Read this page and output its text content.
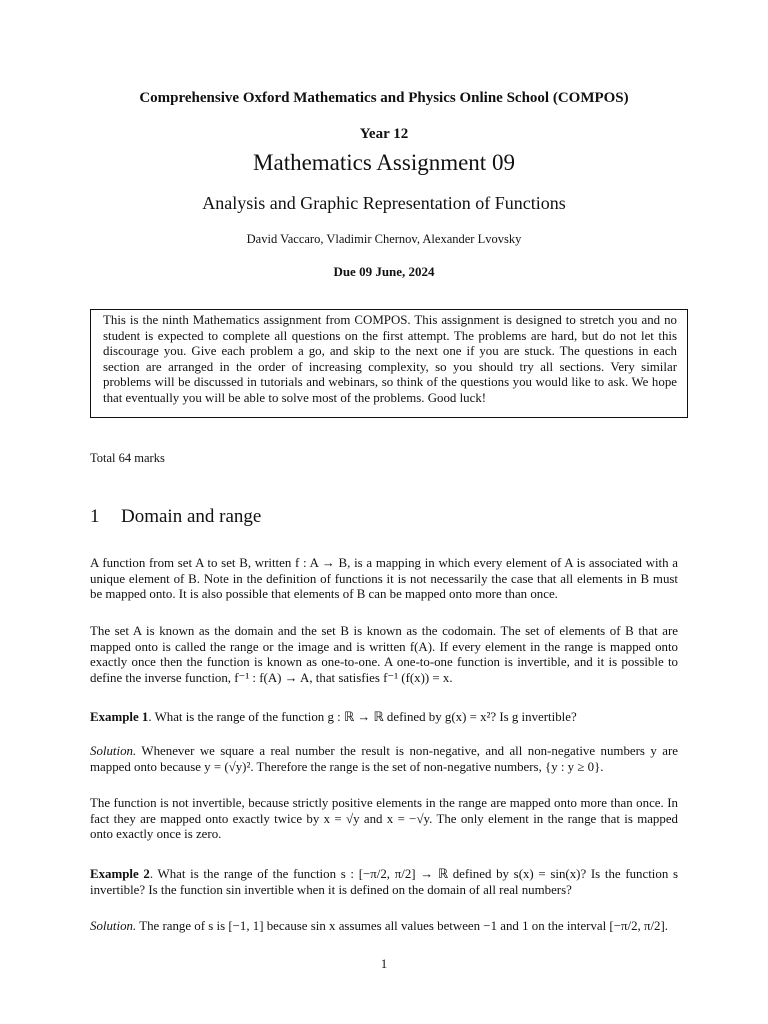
Comprehensive Oxford Mathematics and Physics Online School (COMPOS)
Year 12
Mathematics Assignment 09
Analysis and Graphic Representation of Functions
David Vaccaro, Vladimir Chernov, Alexander Lvovsky
Due 09 June, 2024
This is the ninth Mathematics assignment from COMPOS. This assignment is designed to stretch you and no student is expected to complete all questions on the first attempt. The problems are hard, but do not let this discourage you. Give each problem a go, and skip to the next one if you are stuck. The questions in each section are arranged in the order of increasing complexity, so you should try all sections. Very similar problems will be discussed in tutorials and webinars, so think of the questions you would like to ask. We hope that eventually you will be able to solve most of the problems. Good luck!
Total 64 marks
1 Domain and range
A function from set A to set B, written f : A → B, is a mapping in which every element of A is associated with a unique element of B. Note in the definition of functions it is not necessarily the case that all elements in B must be mapped onto. It is also possible that elements of B can be mapped onto more than once.
The set A is known as the domain and the set B is known as the codomain. The set of elements of B that are mapped onto is called the range or the image and is written f(A). If every element in the range is mapped onto exactly once then the function is known as one-to-one. A one-to-one function is invertible, and it is possible to define the inverse function, f⁻¹ : f(A) → A, that satisfies f⁻¹ (f(x)) = x.
Example 1. What is the range of the function g : ℝ → ℝ defined by g(x) = x²? Is g invertible?
Solution. Whenever we square a real number the result is non-negative, and all non-negative numbers y are mapped onto because y = (√y)². Therefore the range is the set of non-negative numbers, {y : y ≥ 0}.
The function is not invertible, because strictly positive elements in the range are mapped onto more than once. In fact they are mapped onto exactly twice by x = √y and x = −√y. The only element in the range that is mapped onto exactly once is zero.
Example 2. What is the range of the function s : [−π/2, π/2] → ℝ defined by s(x) = sin(x)? Is the function s invertible? Is the function sin invertible when it is defined on the domain of all real numbers?
Solution. The range of s is [−1, 1] because sin x assumes all values between −1 and 1 on the interval [−π/2, π/2].
1
